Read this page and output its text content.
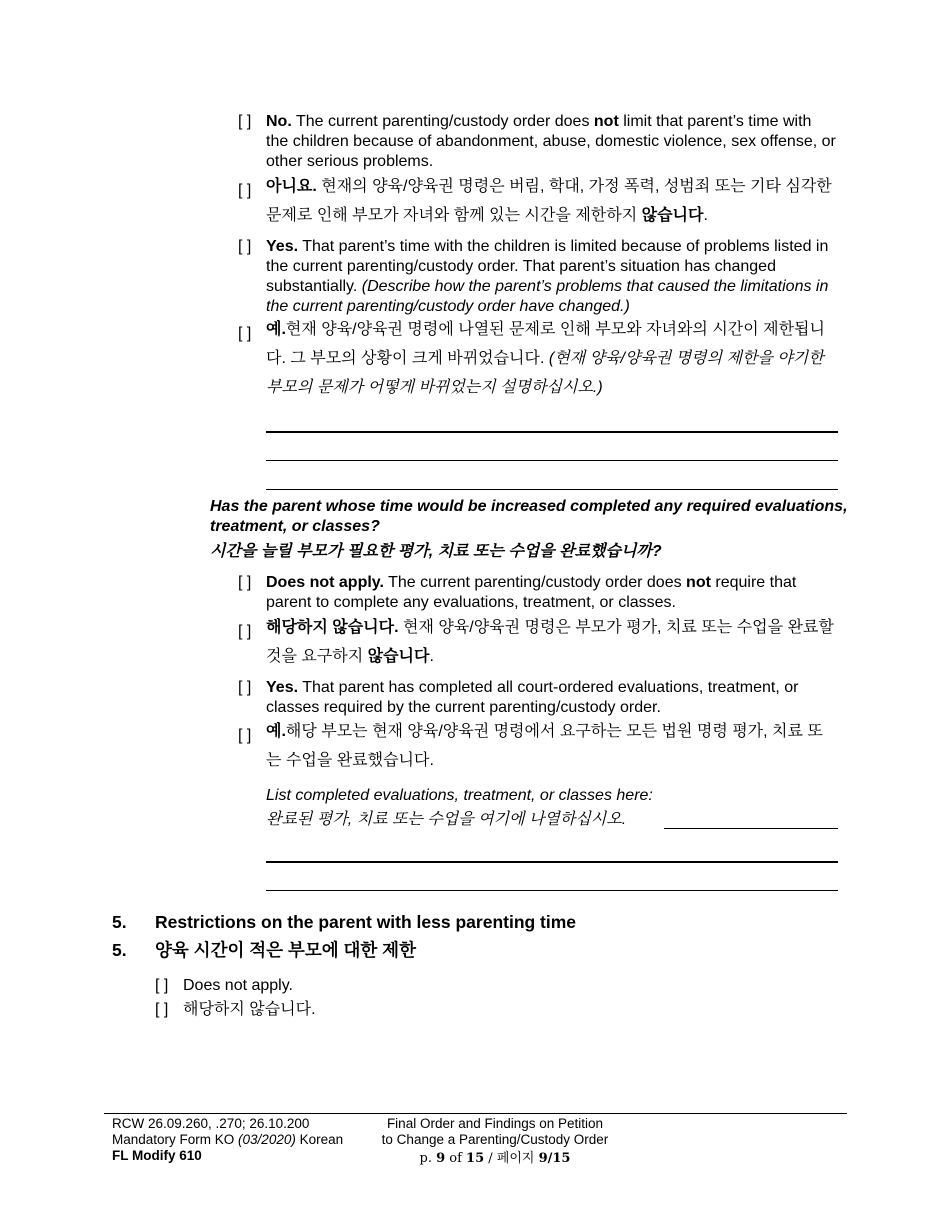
[ ] No. The current parenting/custody order does not limit that parent’s time with the children because of abandonment, abuse, domestic violence, sex offense, or other serious problems.
[ ] 아니요. 현재의 양육/양육권 명령은 버림, 학대, 가정 폭력, 성범죄 또는 기타 심각한 문제로 인해 부모가 자녀와 함께 있는 시간을 제한하지 않습니다.
[ ] Yes. That parent’s time with the children is limited because of problems listed in the current parenting/custody order. That parent’s situation has changed substantially. (Describe how the parent’s problems that caused the limitations in the current parenting/custody order have changed.)
[ ] 예.현재 양육/양육권 명령에 나열된 문제로 인해 부모와 자녀와의 시간이 제한됩니다. 그 부모의 상황이 크게 바뀌었습니다. (현재 양육/양육권 명령의 제한을 야기한 부모의 문제가 어떻게 바뀌었는지 설명하십시오.)
Has the parent whose time would be increased completed any required evaluations, treatment, or classes?
시간을 늘릴 부모가 필요한 평가, 치료 또는 수업을 완료했습니까?
[ ] Does not apply. The current parenting/custody order does not require that parent to complete any evaluations, treatment, or classes.
[ ] 해당하지 않습니다. 현재 양육/양육권 명령은 부모가 평가, 치료 또는 수업을 완료할 것을 요구하지 않습니다.
[ ] Yes. That parent has completed all court-ordered evaluations, treatment, or classes required by the current parenting/custody order.
[ ] 예.해당 부모는 현재 양육/양육권 명령에서 요구하는 모든 법원 명령 평가, 치료 또는 수업을 완료했습니다.
List completed evaluations, treatment, or classes here:
완료된 평가, 치료 또는 수업을 여기에 나열하십시오.
5. Restrictions on the parent with less parenting time
5. 양육 시간이 적은 부모에 대한 제한
[ ] Does not apply.
[ ] 해당하지 않습니다.
RCW 26.09.260, .270; 26.10.200
Mandatory Form KO (03/2020) Korean
FL Modify 610
Final Order and Findings on Petition
to Change a Parenting/Custody Order
p. 9 of 15 / 페이지 9/15
